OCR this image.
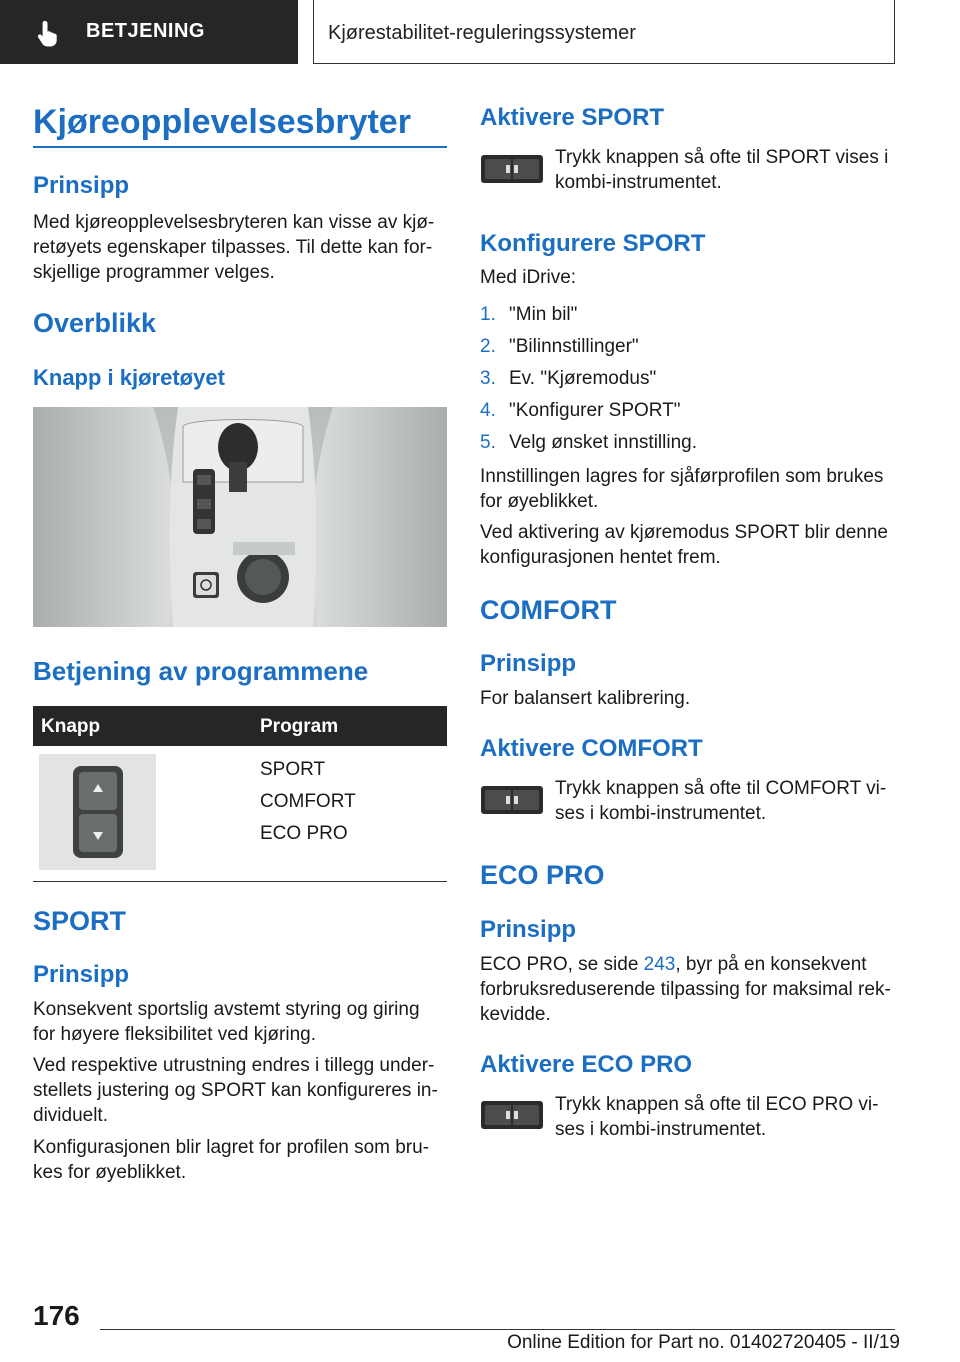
BETJENING	Kjørestabilitet-reguleringssystemer
Kjøreopplevelsesbryter
Prinsipp
Med kjøreopplevelsesbryteren kan visse av kjø-
retøyets egenskaper tilpasses. Til dette kan for-
skjellige programmer velges.
Overblikk
Knapp i kjøretøyet
Betjening av programmene
Knapp	Program
SPORT
COMFORT
ECO PRO
SPORT
Prinsipp
Konsekvent sportslig avstemt styring og giring
for høyere fleksibilitet ved kjøring.
Ved respektive utrustning endres i tillegg under-
stellets justering og SPORT kan konfigureres in-
dividuelt.
Konfigurasjonen blir lagret for profilen som bru-
kes for øyeblikket.
Aktivere SPORT
Trykk knappen så ofte til SPORT vises i
kombi-instrumentet.
Konfigurere SPORT
Med iDrive:
1. "Min bil"
2. "Bilinnstillinger"
3. Ev. "Kjøremodus"
4. "Konfigurer SPORT"
5. Velg ønsket innstilling.
Innstillingen lagres for sjåførprofilen som brukes
for øyeblikket.
Ved aktivering av kjøremodus SPORT blir denne
konfigurasjonen hentet frem.
COMFORT
Prinsipp
For balansert kalibrering.
Aktivere COMFORT
Trykk knappen så ofte til COMFORT vi-
ses i kombi-instrumentet.
ECO PRO
Prinsipp
ECO PRO, se side 243, byr på en konsekvent
forbruksreduserende tilpassing for maksimal rek-
kevidde.
Aktivere ECO PRO
Trykk knappen så ofte til ECO PRO vi-
ses i kombi-instrumentet.
176
Online Edition for Part no. 01402720405 - II/19
